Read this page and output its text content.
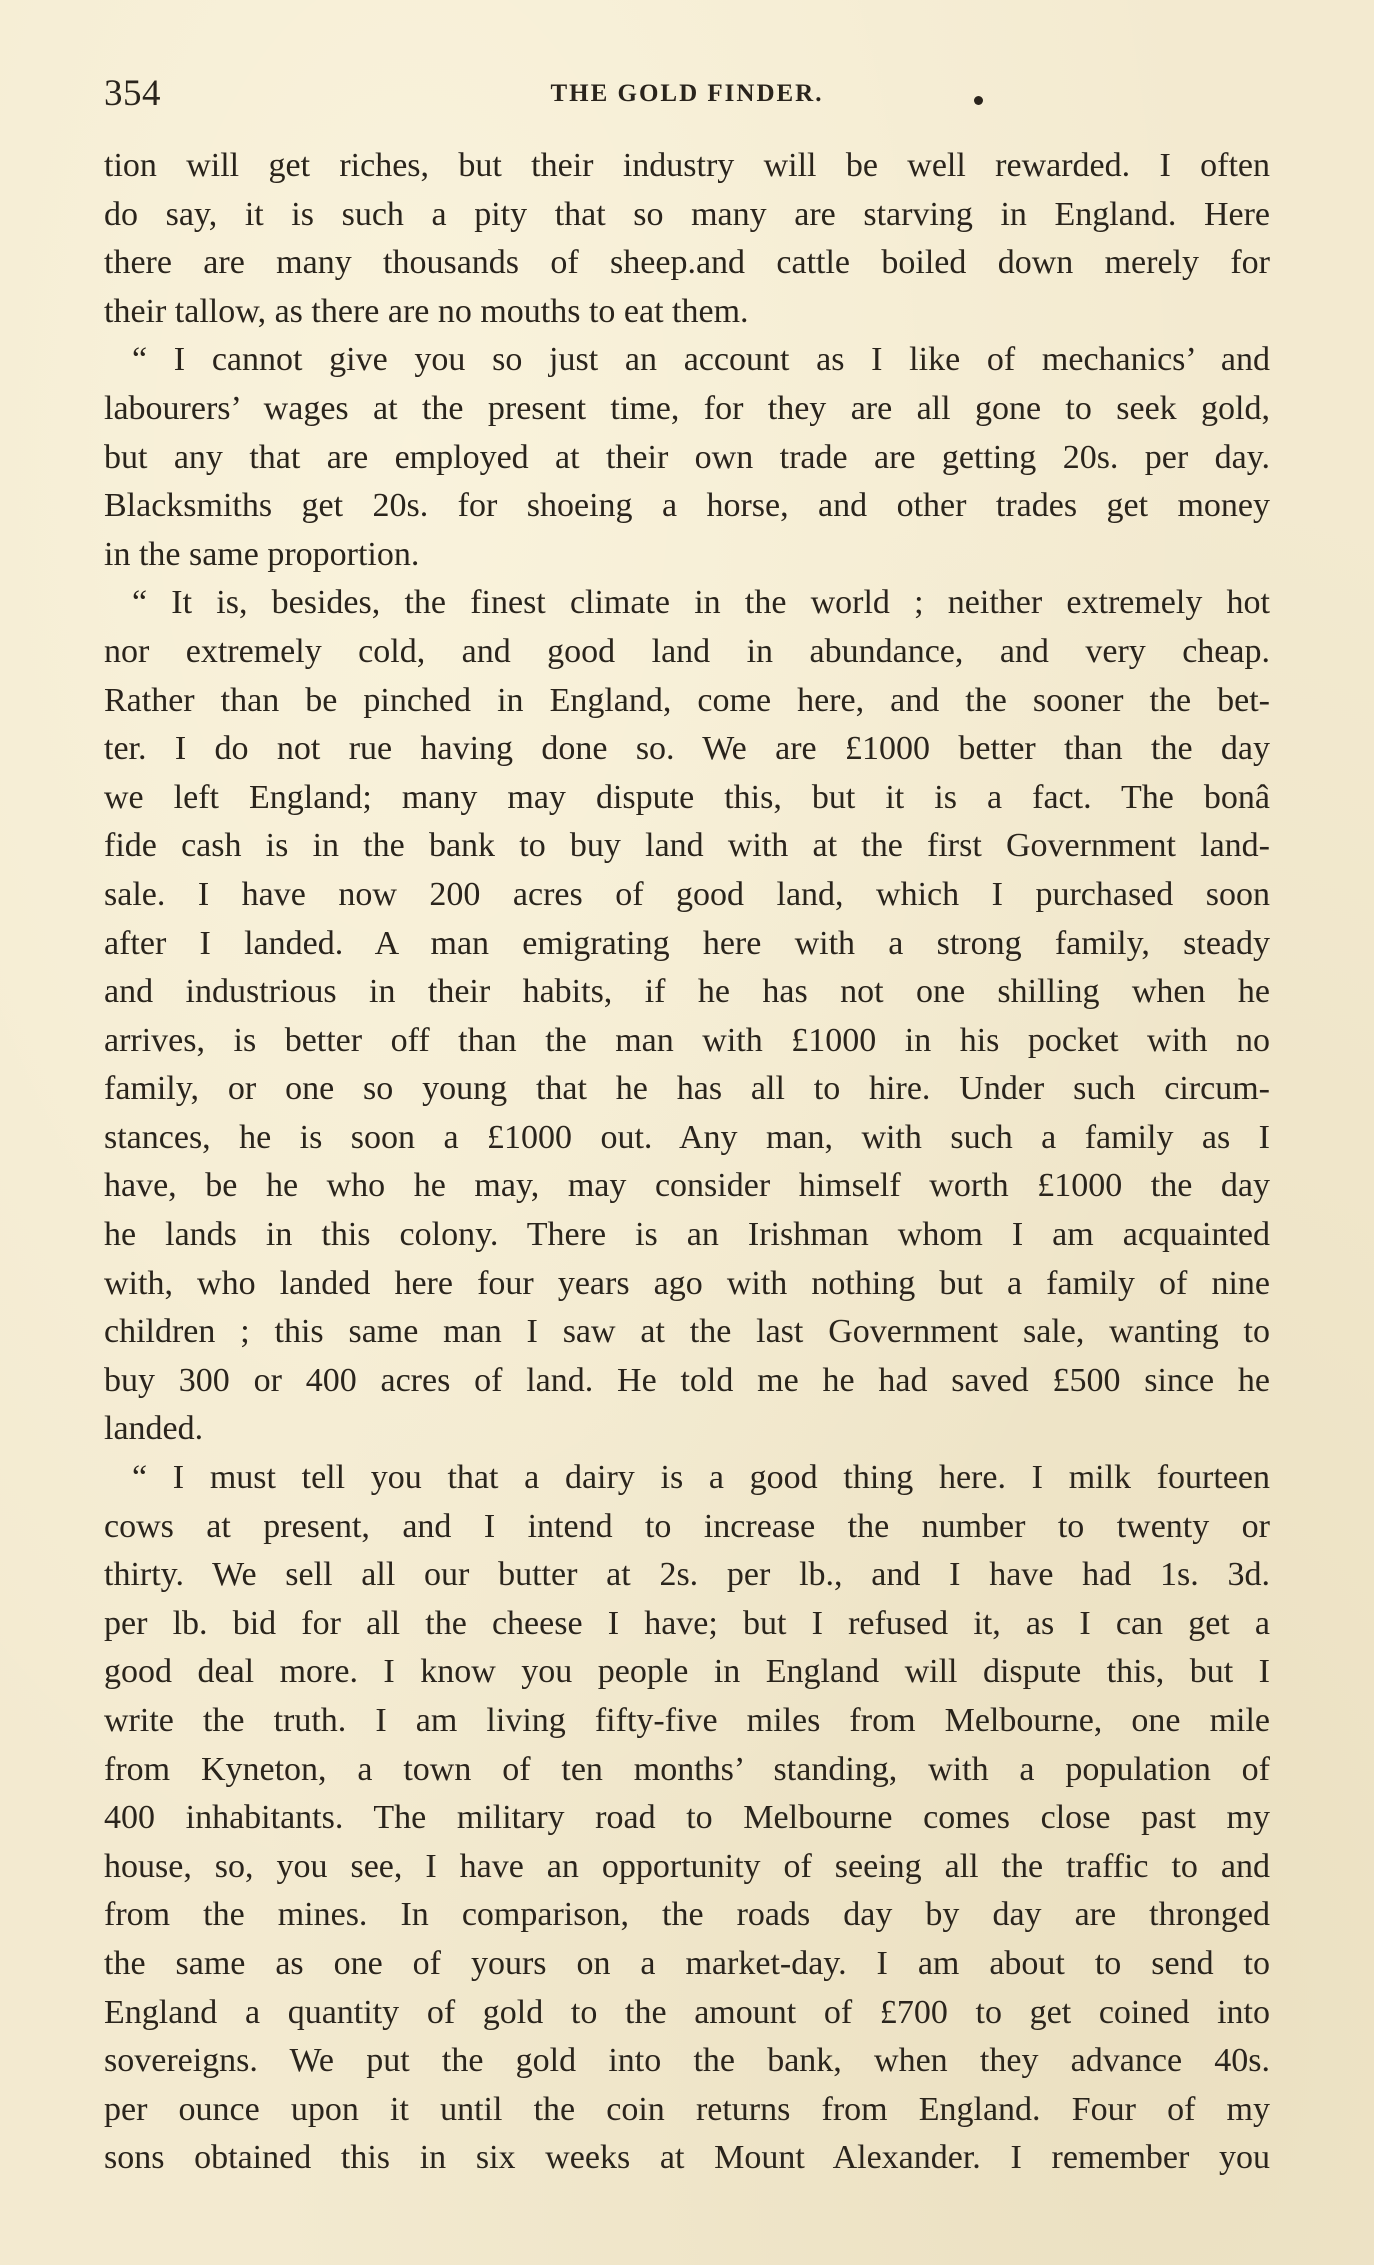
354	THE GOLD FINDER.
tion will get riches, but their industry will be well rewarded. I often
do say, it is such a pity that so many are starving in England. Here
there are many thousands of sheep.and cattle boiled down merely for
their tallow, as there are no mouths to eat them.
“ I cannot give you so just an account as I like of mechanics’ and
labourers’ wages at the present time, for they are all gone to seek gold,
but any that are employed at their own trade are getting 20s. per day.
Blacksmiths get 20s. for shoeing a horse, and other trades get money
in the same proportion.
“ It is, besides, the finest climate in the world ; neither extremely hot
nor extremely cold, and good land in abundance, and very cheap.
Rather than be pinched in England, come here, and the sooner the bet-
ter. I do not rue having done so. We are £1000 better than the day
we left England; many may dispute this, but it is a fact. The bonâ
fide cash is in the bank to buy land with at the first Government land-
sale. I have now 200 acres of good land, which I purchased soon
after I landed. A man emigrating here with a strong family, steady
and industrious in their habits, if he has not one shilling when he
arrives, is better off than the man with £1000 in his pocket with no
family, or one so young that he has all to hire. Under such circum-
stances, he is soon a £1000 out. Any man, with such a family as I
have, be he who he may, may consider himself worth £1000 the day
he lands in this colony. There is an Irishman whom I am acquainted
with, who landed here four years ago with nothing but a family of nine
children ; this same man I saw at the last Government sale, wanting to
buy 300 or 400 acres of land. He told me he had saved £500 since he
landed.
“ I must tell you that a dairy is a good thing here. I milk fourteen
cows at present, and I intend to increase the number to twenty or
thirty. We sell all our butter at 2s. per lb., and I have had 1s. 3d.
per lb. bid for all the cheese I have; but I refused it, as I can get a
good deal more. I know you people in England will dispute this, but I
write the truth. I am living fifty-five miles from Melbourne, one mile
from Kyneton, a town of ten months’ standing, with a population of
400 inhabitants. The military road to Melbourne comes close past my
house, so, you see, I have an opportunity of seeing all the traffic to and
from the mines. In comparison, the roads day by day are thronged
the same as one of yours on a market-day. I am about to send to
England a quantity of gold to the amount of £700 to get coined into
sovereigns. We put the gold into the bank, when they advance 40s.
per ounce upon it until the coin returns from England. Four of my
sons obtained this in six weeks at Mount Alexander. I remember you
